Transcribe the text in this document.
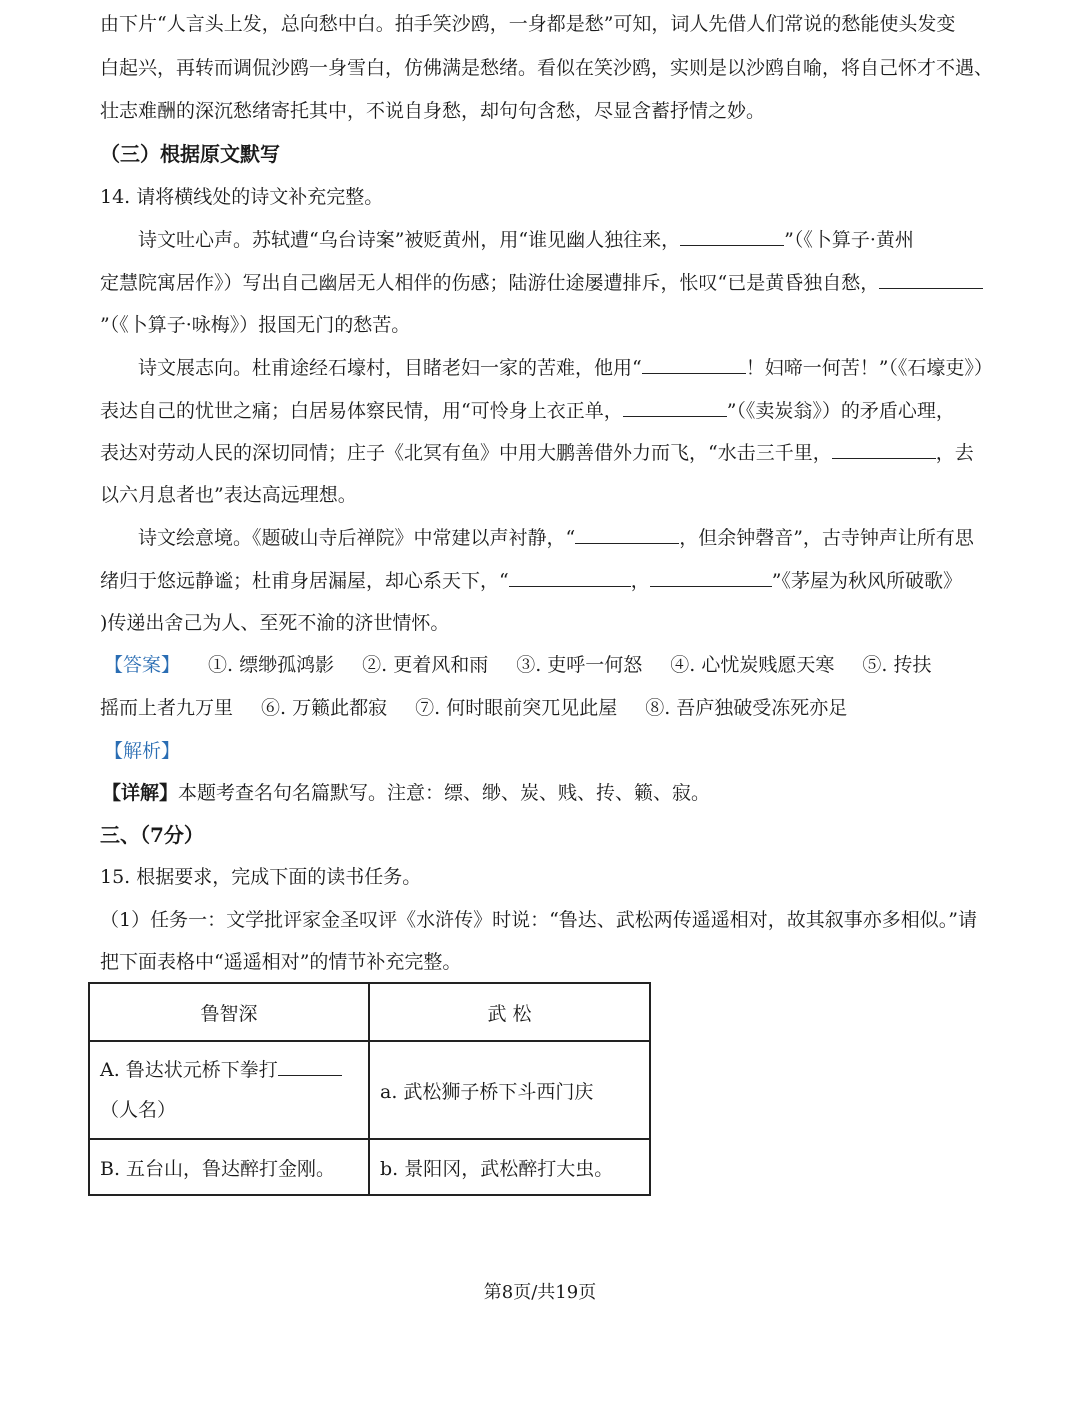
由下片“人言头上发，总向愁中白。拍手笑沙鸥，一身都是愁”可知，词人先借人们常说的愁能使头发变
白起兴，再转而调侃沙鸥一身雪白，仿佛满是愁绪。看似在笑沙鸥，实则是以沙鸥自喻，将自己怀才不遇、
壮志难酬的深沉愁绪寄托其中，不说自身愁，却句句含愁，尽显含蓄抒情之妙。
（三）根据原文默写
14. 请将横线处的诗文补充完整。
诗文吐心声。苏轼遭“乌台诗案”被贬黄州，用“谁见幽人独往来，	”（《卜算子·黄州
定慧院寓居作》）写出自己幽居无人相伴的伤感；陆游仕途屡遭排斥，怅叹“已是黄昏独自愁，
”（《卜算子·咏梅》）报国无门的愁苦。
诗文展志向。杜甫途经石壕村，目睹老妇一家的苦难，他用“	！妇啼一何苦！”（《石壕吏》）
表达自己的忧世之痛；白居易体察民情，用“可怜身上衣正单，	”（《卖炭翁》）的矛盾心理，
表达对劳动人民的深切同情；庄子《北冥有鱼》中用大鹏善借外力而飞，“水击三千里，	，去
以六月息者也”表达高远理想。
诗文绘意境。《题破山寺后禅院》中常建以声衬静，“	，但余钟磬音”，古寺钟声让所有思
绪归于悠远静谧；杜甫身居漏屋，却心系天下，“	，	”《茅屋为秋风所破歌》
)传递出舍己为人、至死不渝的济世情怀。
【答案】 ①. 缥缈孤鸿影 ②. 更着风和雨 ③. 吏呼一何怒 ④. 心忧炭贱愿天寒 ⑤. 抟扶
摇而上者九万里 ⑥. 万籁此都寂 ⑦. 何时眼前突兀见此屋 ⑧. 吾庐独破受冻死亦足
【解析】
【详解】本题考查名句名篇默写。注意：缥、缈、炭、贱、抟、籁、寂。
三、（7分）
15. 根据要求，完成下面的读书任务。
（1）任务一：文学批评家金圣叹评《水浒传》时说：“鲁达、武松两传遥遥相对，故其叙事亦多相似。”请
把下面表格中“遥遥相对”的情节补充完整。
鲁智深	武 松

A. 鲁达状元桥下拳打
（人名）	a. 武松狮子桥下斗西门庆
B. 五台山，鲁达醉打金刚。	b. 景阳冈，武松醉打大虫。
第8页/共19页
